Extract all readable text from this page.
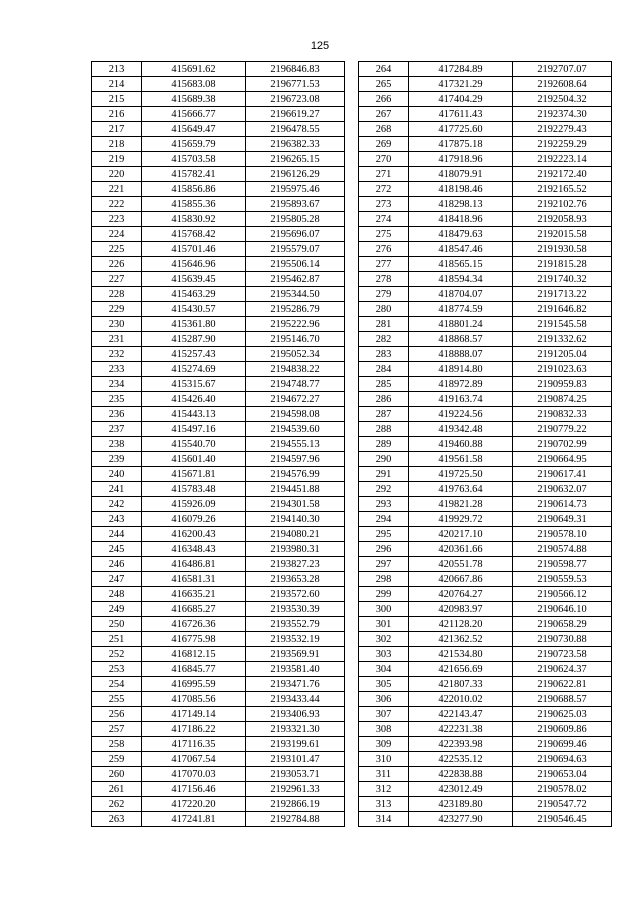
125
213	415691.62	2196846.83
214	415683.08	2196771.53
215	415689.38	2196723.08
216	415666.77	2196619.27
217	415649.47	2196478.55
218	415659.79	2196382.33
219	415703.58	2196265.15
220	415782.41	2196126.29
221	415856.86	2195975.46
222	415855.36	2195893.67
223	415830.92	2195805.28
224	415768.42	2195696.07
225	415701.46	2195579.07
226	415646.96	2195506.14
227	415639.45	2195462.87
228	415463.29	2195344.50
229	415430.57	2195286.79
230	415361.80	2195222.96
231	415287.90	2195146.70
232	415257.43	2195052.34
233	415274.69	2194838.22
234	415315.67	2194748.77
235	415426.40	2194672.27
236	415443.13	2194598.08
237	415497.16	2194539.60
238	415540.70	2194555.13
239	415601.40	2194597.96
240	415671.81	2194576.99
241	415783.48	2194451.88
242	415926.09	2194301.58
243	416079.26	2194140.30
244	416200.43	2194080.21
245	416348.43	2193980.31
246	416486.81	2193827.23
247	416581.31	2193653.28
248	416635.21	2193572.60
249	416685.27	2193530.39
250	416726.36	2193552.79
251	416775.98	2193532.19
252	416812.15	2193569.91
253	416845.77	2193581.40
254	416995.59	2193471.76
255	417085.56	2193433.44
256	417149.14	2193406.93
257	417186.22	2193321.30
258	417116.35	2193199.61
259	417067.54	2193101.47
260	417070.03	2193053.71
261	417156.46	2192961.33
262	417220.20	2192866.19
263	417241.81	2192784.88
264	417284.89	2192707.07
265	417321.29	2192608.64
266	417404.29	2192504.32
267	417611.43	2192374.30
268	417725.60	2192279.43
269	417875.18	2192259.29
270	417918.96	2192223.14
271	418079.91	2192172.40
272	418198.46	2192165.52
273	418298.13	2192102.76
274	418418.96	2192058.93
275	418479.63	2192015.58
276	418547.46	2191930.58
277	418565.15	2191815.28
278	418594.34	2191740.32
279	418704.07	2191713.22
280	418774.59	2191646.82
281	418801.24	2191545.58
282	418868.57	2191332.62
283	418888.07	2191205.04
284	418914.80	2191023.63
285	418972.89	2190959.83
286	419163.74	2190874.25
287	419224.56	2190832.33
288	419342.48	2190779.22
289	419460.88	2190702.99
290	419561.58	2190664.95
291	419725.50	2190617.41
292	419763.64	2190632.07
293	419821.28	2190614.73
294	419929.72	2190649.31
295	420217.10	2190578.10
296	420361.66	2190574.88
297	420551.78	2190598.77
298	420667.86	2190559.53
299	420764.27	2190566.12
300	420983.97	2190646.10
301	421128.20	2190658.29
302	421362.52	2190730.88
303	421534.80	2190723.58
304	421656.69	2190624.37
305	421807.33	2190622.81
306	422010.02	2190688.57
307	422143.47	2190625.03
308	422231.38	2190609.86
309	422393.98	2190699.46
310	422535.12	2190694.63
311	422838.88	2190653.04
312	423012.49	2190578.02
313	423189.80	2190547.72
314	423277.90	2190546.45
